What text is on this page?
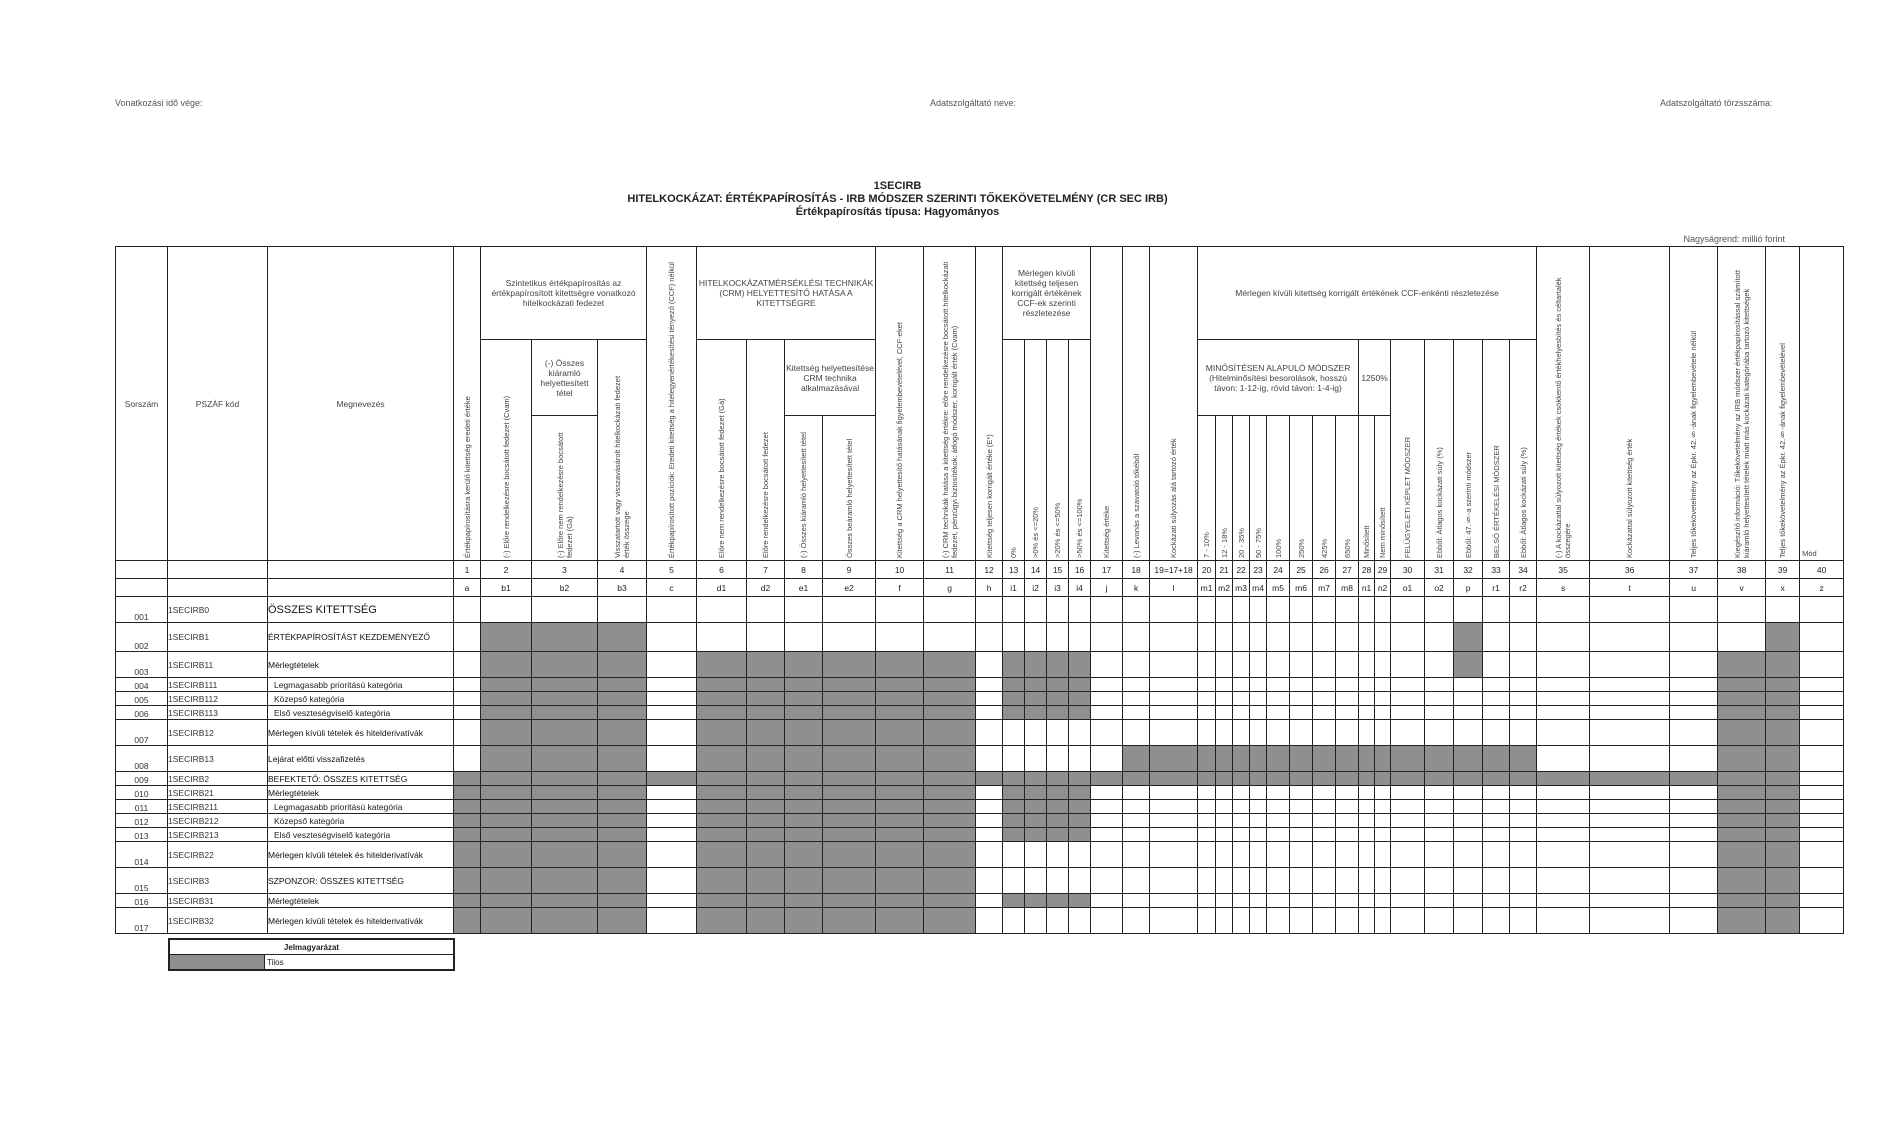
Vonatkozási idő vége:	Adatszolgáltató neve:	Adatszolgáltató törzsszáma:
1SECIRB
HITELKOCKÁZAT: ÉRTÉKPAPÍROSÍTÁS - IRB MÓDSZER SZERINTI TŐKEKÖVETELMÉNY (CR SEC IRB)
Értékpapírosítás típusa: Hagyományos
Nagyságrend: millió forint
Sorszám	PSZÁF kód	Megnevezés	Értékpapírosításra kerülő kitettség eredeti értéke	Szintetikus értékpapírosítás az értékpapírosított kitettségre vonatkozó hitelkockázati fedezet			Értékpapírosított pozíciók: Eredeti kitettség a hitelegyenértékesítési tényező (CCF) nélkül	HITELKOCKÁZATMÉRSÉKLÉSI TECHNIKÁK (CRM) HELYETTESÍTŐ HATÁSA A KITETTSÉGRE				Kitettség a CRM helyettesítő hatásának figyelembevételével, CCF-eket	(-) CRM technikák hatása a kitettség értékre: előre rendelkezésre bocsátott hitelkockázati fedezet, pénzügyi biztosítékok: átfogó módszer, korrigált érték (Cvam)	Kitettség teljesen korrigált értéke (E*)	Mérlegen kívüli kitettség teljesen korrigált értékének CCF-ek szerinti részletezése				Kitettség értéke	(-) Levonás a szavatoló tőkéből	Kockázati súlyozás alá tartozó érték	Mérlegen kívüli kitettség korrigált értékének CCF-enkénti részletezése															(-) A kockázattal súlyozott kitettség értékek csökkentő értékhelyesbítés és céltartalék összegére	Kockázattal súlyozott kitettség érték	Teljes tőkekövetelmény az Épkr. 42.§-ának figyelembevétele nélkül	Kiegészítő információ: Tőkekövetelmény az IRB módszer értékpapírosítással számított kiáramló helyettesített tételek miatt más kockázati kategóriába tartozó kitettségek	Teljes tőkekövetelmény az Épkr. 42.§-ának figyelembevételével	Mód

				(-) Előre rendelkezésre bocsátott fedezet (Cvam)	(-) Összes kiáramló helyettesített tétel	Visszatartott vagy visszavásárolt hitelkockázati fedezet érték összege		Előre nem rendelkezésre bocsátott fedezet (Gà)	Előre rendelkezésre bocsátott fedezet	Kitettség helyettesítése CRM technika alkalmazásával					0%	>0% és <=20%	>20% és <=50%	>50% és <=100%				MINŐSÍTÉSEN ALAPULÓ MÓDSZER (Hitelminősítési besorolások, hosszú távon: 1-12-ig, rövid távon: 1-4-ig)								1250%		FELÜGYELETI KÉPLET MÓDSZER	Ebből: Átlagos kockázati súly (%)	Ebből: 47.§-a szerinti módszer	BELSŐ ÉRTÉKELÉSI MÓDSZER	Ebből: Átlagos kockázati súly (%)						

					(-) Előre nem rendelkezésre bocsátott fedezet (Gà)					(-) Összes kiáramló helyettesített tétel	Összes beáramló helyettesített tétel											7 - 10%	12 - 18%	20 - 35%	50 - 75%	100%	250%	425%	650%	Minősített	Nem minősített											

			1	2	3	4	5	6	7	8	9	10	11	12	13	14	15	16	17	18	19=17+18	20	21	22	23	24	25	26	27	28	29	30	31	32	33	34	35	36	37	38	39	40
			a	b1	b2	b3	c	d1	d2	e1	e2	f	g	h	i1	i2	i3	i4	j	k	l	m1	m2	m3	m4	m5	m6	m7	m8	n1	n2	o1	o2	p	r1	r2	s	t	u	v	x	z
001	1SECIRB0	ÖSSZES KITETTSÉG																																								
002	1SECIRB1	ÉRTÉKPAPÍROSÍTÁST KEZDEMÉNYEZŐ																																								
003	1SECIRB11	Mérlegtételek																																								
004	1SECIRB111	Legmagasabb prioritású kategória																																								
005	1SECIRB112	Közepső kategória																																								
006	1SECIRB113	Első veszteségviselő kategória																																								
007	1SECIRB12	Mérlegen kívüli tételek és hitelderivatívák																																								
008	1SECIRB13	Lejárat előtti visszafizetés																																								
009	1SECIRB2	BEFEKTETŐ: ÖSSZES KITETTSÉG																																								
010	1SECIRB21	Mérlegtételek																																								
011	1SECIRB211	Legmagasabb prioritású kategória																																								
012	1SECIRB212	Közepső kategória																																								
013	1SECIRB213	Első veszteségviselő kategória																																								
014	1SECIRB22	Mérlegen kívüli tételek és hitelderivatívák																																								
015	1SECIRB3	SZPONZOR: ÖSSZES KITETTSÉG																																								
016	1SECIRB31	Mérlegtételek																																								
017	1SECIRB32	Mérlegen kívüli tételek és hitelderivatívák																																								
Jelmagyarázat
	Tilos
